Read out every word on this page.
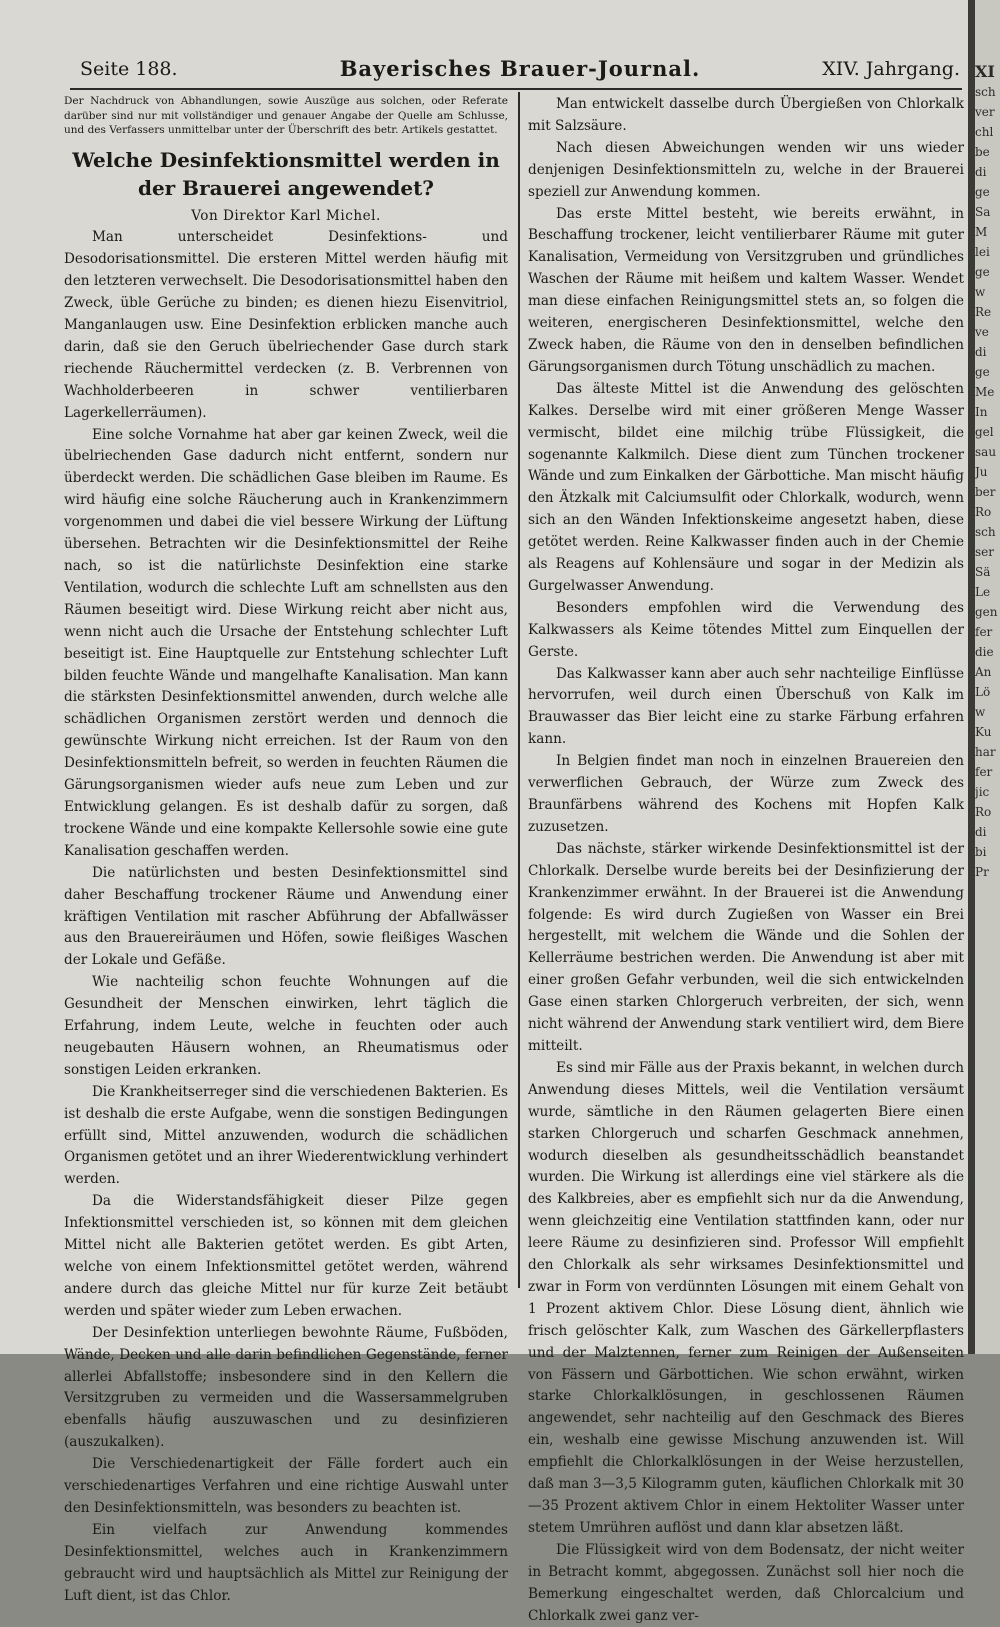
Seite 188.	Bayerisches Brauer-Journal.	XIV. Jahrgang.

Der Nachdruck von Abhandlungen, sowie Auszüge aus solchen, oder Referate darüber sind nur mit vollständiger und genauer Angabe der Quelle am Schlusse, und des Verfassers unmittelbar unter der Überschrift des betr. Artikels gestattet.

Welche Desinfektionsmittel werden in der Brauerei angewendet?

Von Direktor Karl Michel.

Man unterscheidet Desinfektions- und Desodorisationsmittel. Die ersteren Mittel werden häufig mit den letzteren verwechselt. Die Desodorisationsmittel haben den Zweck, üble Gerüche zu binden; es dienen hiezu Eisenvitriol, Manganlaugen usw. Eine Desinfektion erblicken manche auch darin, daß sie den Geruch übelriechender Gase durch stark riechende Räuchermittel verdecken (z. B. Verbrennen von Wachholderbeeren in schwer ventilierbaren Lagerkellerräumen).

Eine solche Vornahme hat aber gar keinen Zweck, weil die übelriechenden Gase dadurch nicht entfernt, sondern nur überdeckt werden. Die schädlichen Gase bleiben im Raume. Es wird häufig eine solche Räucherung auch in Krankenzimmern vorgenommen und dabei die viel bessere Wirkung der Lüftung übersehen. Betrachten wir die Desinfektionsmittel der Reihe nach, so ist die natürlichste Desinfektion eine starke Ventilation, wodurch die schlechte Luft am schnellsten aus den Räumen beseitigt wird. Diese Wirkung reicht aber nicht aus, wenn nicht auch die Ursache der Entstehung schlechter Luft beseitigt ist. Eine Hauptquelle zur Entstehung schlechter Luft bilden feuchte Wände und mangelhafte Kanalisation. Man kann die stärksten Desinfektionsmittel anwenden, durch welche alle schädlichen Organismen zerstört werden und dennoch die gewünschte Wirkung nicht erreichen. Ist der Raum von den Desinfektionsmitteln befreit, so werden in feuchten Räumen die Gärungsorganismen wieder aufs neue zum Leben und zur Entwicklung gelangen. Es ist deshalb dafür zu sorgen, daß trockene Wände und eine kompakte Kellersohle sowie eine gute Kanalisation geschaffen werden.

Die natürlichsten und besten Desinfektionsmittel sind daher Beschaffung trockener Räume und Anwendung einer kräftigen Ventilation mit rascher Abführung der Abfallwässer aus den Brauereiräumen und Höfen, sowie fleißiges Waschen der Lokale und Gefäße.

Wie nachteilig schon feuchte Wohnungen auf die Gesundheit der Menschen einwirken, lehrt täglich die Erfahrung, indem Leute, welche in feuchten oder auch neugebauten Häusern wohnen, an Rheumatismus oder sonstigen Leiden erkranken.

Die Krankheitserreger sind die verschiedenen Bakterien. Es ist deshalb die erste Aufgabe, wenn die sonstigen Bedingungen erfüllt sind, Mittel anzuwenden, wodurch die schädlichen Organismen getötet und an ihrer Wiederentwicklung verhindert werden.

Da die Widerstandsfähigkeit dieser Pilze gegen Infektionsmittel verschieden ist, so können mit dem gleichen Mittel nicht alle Bakterien getötet werden. Es gibt Arten, welche von einem Infektionsmittel getötet werden, während andere durch das gleiche Mittel nur für kurze Zeit betäubt werden und später wieder zum Leben erwachen.

Der Desinfektion unterliegen bewohnte Räume, Fußböden, Wände, Decken und alle darin befindlichen Gegenstände, ferner allerlei Abfallstoffe; insbesondere sind in den Kellern die Versitzgruben zu vermeiden und die Wassersammelgruben ebenfalls häufig auszuwaschen und zu desinfizieren (auszukalken).

Die Verschiedenartigkeit der Fälle fordert auch ein verschiedenartiges Verfahren und eine richtige Auswahl unter den Desinfektionsmitteln, was besonders zu beachten ist.

Ein vielfach zur Anwendung kommendes Desinfektionsmittel, welches auch in Krankenzimmern gebraucht wird und hauptsächlich als Mittel zur Reinigung der Luft dient, ist das Chlor.

Man entwickelt dasselbe durch Übergießen von Chlorkalk mit Salzsäure.

Nach diesen Abweichungen wenden wir uns wieder denjenigen Desinfektionsmitteln zu, welche in der Brauerei speziell zur Anwendung kommen.

Das erste Mittel besteht, wie bereits erwähnt, in Beschaffung trockener, leicht ventilierbarer Räume mit guter Kanalisation, Vermeidung von Versitzgruben und gründliches Waschen der Räume mit heißem und kaltem Wasser. Wendet man diese einfachen Reinigungsmittel stets an, so folgen die weiteren, energischeren Desinfektionsmittel, welche den Zweck haben, die Räume von den in denselben befindlichen Gärungsorganismen durch Tötung unschädlich zu machen.

Das älteste Mittel ist die Anwendung des gelöschten Kalkes. Derselbe wird mit einer größeren Menge Wasser vermischt, bildet eine milchig trübe Flüssigkeit, die sogenannte Kalkmilch. Diese dient zum Tünchen trockener Wände und zum Einkalken der Gärbottiche. Man mischt häufig den Ätzkalk mit Calciumsulfit oder Chlorkalk, wodurch, wenn sich an den Wänden Infektionskeime angesetzt haben, diese getötet werden. Reine Kalkwasser finden auch in der Chemie als Reagens auf Kohlensäure und sogar in der Medizin als Gurgelwasser Anwendung.

Besonders empfohlen wird die Verwendung des Kalkwassers als Keime tötendes Mittel zum Einquellen der Gerste.

Das Kalkwasser kann aber auch sehr nachteilige Einflüsse hervorrufen, weil durch einen Überschuß von Kalk im Brauwasser das Bier leicht eine zu starke Färbung erfahren kann.

In Belgien findet man noch in einzelnen Brauereien den verwerflichen Gebrauch, der Würze zum Zweck des Braunfärbens während des Kochens mit Hopfen Kalk zuzusetzen.

Das nächste, stärker wirkende Desinfektionsmittel ist der Chlorkalk. Derselbe wurde bereits bei der Desinfizierung der Krankenzimmer erwähnt. In der Brauerei ist die Anwendung folgende: Es wird durch Zugießen von Wasser ein Brei hergestellt, mit welchem die Wände und die Sohlen der Kellerräume bestrichen werden. Die Anwendung ist aber mit einer großen Gefahr verbunden, weil die sich entwickelnden Gase einen starken Chlorgeruch verbreiten, der sich, wenn nicht während der Anwendung stark ventiliert wird, dem Biere mitteilt.

Es sind mir Fälle aus der Praxis bekannt, in welchen durch Anwendung dieses Mittels, weil die Ventilation versäumt wurde, sämtliche in den Räumen gelagerten Biere einen starken Chlorgeruch und scharfen Geschmack annehmen, wodurch dieselben als gesundheitsschädlich beanstandet wurden. Die Wirkung ist allerdings eine viel stärkere als die des Kalkbreies, aber es empfiehlt sich nur da die Anwendung, wenn gleichzeitig eine Ventilation stattfinden kann, oder nur leere Räume zu desinfizieren sind. Professor Will empfiehlt den Chlorkalk als sehr wirksames Desinfektionsmittel und zwar in Form von verdünnten Lösungen mit einem Gehalt von 1 Prozent aktivem Chlor. Diese Lösung dient, ähnlich wie frisch gelöschter Kalk, zum Waschen des Gärkellerpflasters und der Malztennen, ferner zum Reinigen der Außenseiten von Fässern und Gärbottichen. Wie schon erwähnt, wirken starke Chlorkalklösungen, in geschlossenen Räumen angewendet, sehr nachteilig auf den Geschmack des Bieres ein, weshalb eine gewisse Mischung anzuwenden ist. Will empfiehlt die Chlorkalklösungen in der Weise herzustellen, daß man 3—3,5 Kilogramm guten, käuflichen Chlorkalk mit 30—35 Prozent aktivem Chlor in einem Hektoliter Wasser unter stetem Umrühren auflöst und dann klar absetzen läßt.

Die Flüssigkeit wird von dem Bodensatz, der nicht weiter in Betracht kommt, abgegossen. Zunächst soll hier noch die Bemerkung eingeschaltet werden, daß Chlorcalcium und Chlorkalk zwei ganz ver-

XI
sch
ver
chl
be
di
ge
Sa
M
lei
ge
w
Re
ve
di
ge
Me
In
gel
sau
Ju
ber
Ro
sch
ser
Sä
Le
gen
fer
die
An
Lö
w
Ku
har
fer
jic
Ro
di
bi
Pr
